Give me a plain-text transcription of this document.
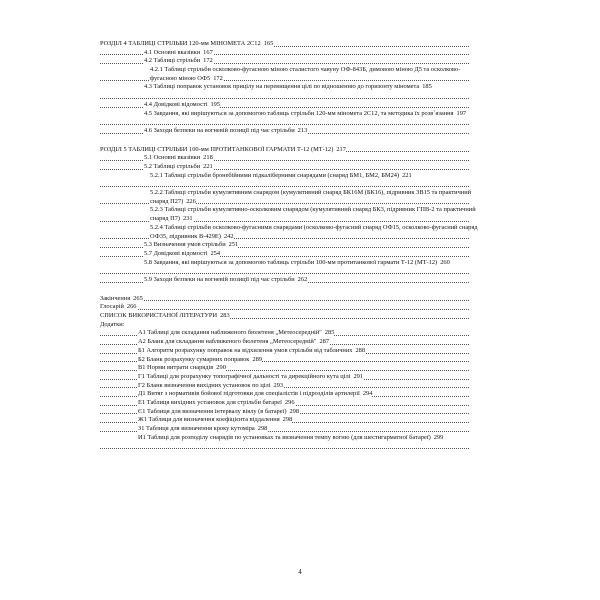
РОЗДІЛ 4 ТАБЛИЦІ СТРІЛЬБИ 120-мм МІНОМЕТА 2С12 165
4.1 Основні вказівки 167
4.2 Таблиці стрільби 172
4.2.1 Таблиці стрільби осколково-фугасною міною сталистого чавуну ОФ-843Б, димовою міною Д5 та осколково-фугасною міною ОФ5 172
4.3 Таблиці поправок установок прицілу на перевищення цілі по відношенню до горизонту міномета 185
4.4 Довідкові відомості 195
4.5 Завдання, які вирішуються за допомогою таблиць стрільби 120-мм міномета 2С12, та методика їх розв`язання 197
4.6 Заходи безпеки на вогневій позиції під час стрільби 213
РОЗДІЛ 5 ТАБЛИЦІ СТРІЛЬБИ 100-мм ПРОТИТАНКОВОЇ ГАРМАТИ Т-12 (МТ-12) 217
5.1 Основні вказівки 218
5.2 Таблиці стрільби 221
5.2.1 Таблиці стрільби бронебійними підкаліберними снарядами (снаряд БМ1, БМ2, БМ24) 221
5.2.2 Таблиці стрільби кумулятивним снарядом (кумулятивний снаряд БК16М (БК16), підривник ЗВ15 та практичний снаряд П27) 226
5.2.3 Таблиці стрільби кумулятивно-осколковим снарядом (кумулятивний снаряд БК3, підривник ГПВ-2 та практичний снаряд П7) 231
5.2.4 Таблиці стрільби осколково-фугасними снарядами (осколково-фугасний снаряд ОФ15, осколково-фугасний снаряд ОФ35, підривник В-429Е) 242
5.3 Визначення умов стрільби 251
5.7 Довідкові відомості 254
5.8 Завдання, які вирішуються за допомогою таблиць стрільби 100-мм протитанкової гармати Т-12 (МТ-12) 260
5.9 Заходи безпеки на вогневій позиції під час стрільби 262
Закінчення 265
Глосарій 266
СПИСОК ВИКОРИСТАНОЇ ЛІТЕРАТУРИ 283
Додатки:
А1 Таблиці для складання наближеного бюлетеня „Метеосередній" 285
А2 Бланк для складання наближеного бюлетеня „Метеосередній" 287
Б1 Алгоритм розрахунку поправок на відхилення умов стрільби від табличних 288
Б2 Бланк розрахунку сумарних поправок 289
В1 Норми витрати снарядів 290
Г1 Таблиці для розрахунку топографічної дальності та дирекційного кута цілі 291
Г2 Бланк визначення вихідних установок по цілі 293
Д1 Витяг з нормативів бойової підготовки для спеціалістів і підрозділів артилерії 294
Е1 Таблиця вихідних установок для стрільби батареї 296
Є1 Таблиця для визначення інтервалу віялу (в батареї) 298
Ж1 Таблиця для визначення коефіцієнта віддалення 298
З1 Таблиця для визначення кроку кутоміра 298
И1 Таблиці для розподілу снарядів по установках та визначення темпу вогню (для шестигарматної батареї) 299
4
